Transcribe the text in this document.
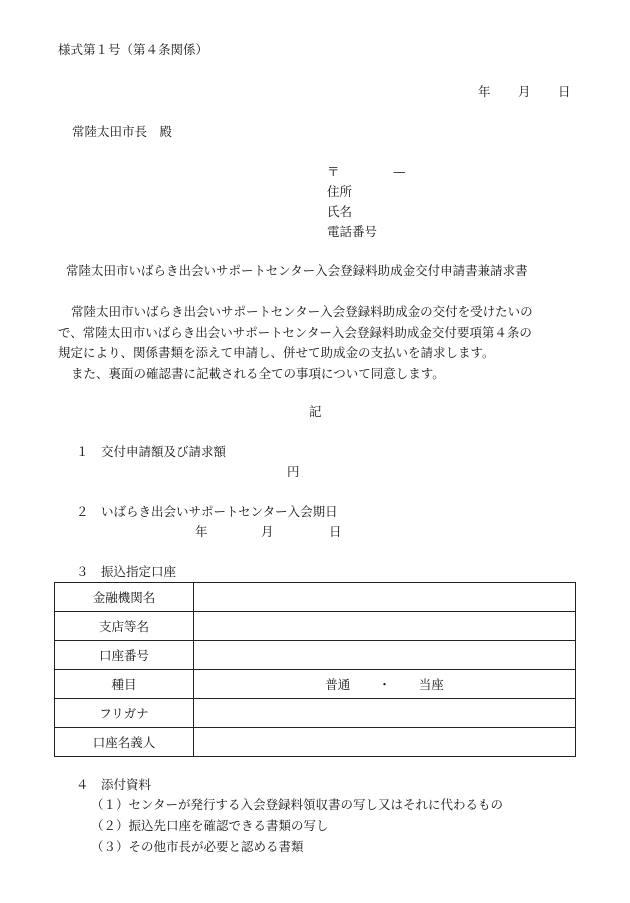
様式第１号（第４条関係）
年 月 日
常陸太田市長　殿
〒	—
住所
氏名
電話番号
常陸太田市いばらき出会いサポートセンター入会登録料助成金交付申請書兼請求書

常陸太田市いばらき出会いサポートセンター入会登録料助成金の交付を受けたいの

で、常陸太田市いばらき出会いサポートセンター入会登録料助成金交付要項第４条の

規定により、関係書類を添えて申請し、併せて助成金の支払いを請求します。

また、裏面の確認書に記載される全ての事項について同意します。

記
１ 交付申請額及び請求額
円
２ いばらき出会いサポートセンター入会期日
年	月	日
３ 振込指定口座
金融機関名	
支店等名	
口座番号	
種目	普通 ・ 当座
フリガナ	
口座名義人	
４ 添付資料
（１）センターが発行する入会登録料領収書の写し又はそれに代わるもの
（２）振込先口座を確認できる書類の写し
（３）その他市長が必要と認める書類
